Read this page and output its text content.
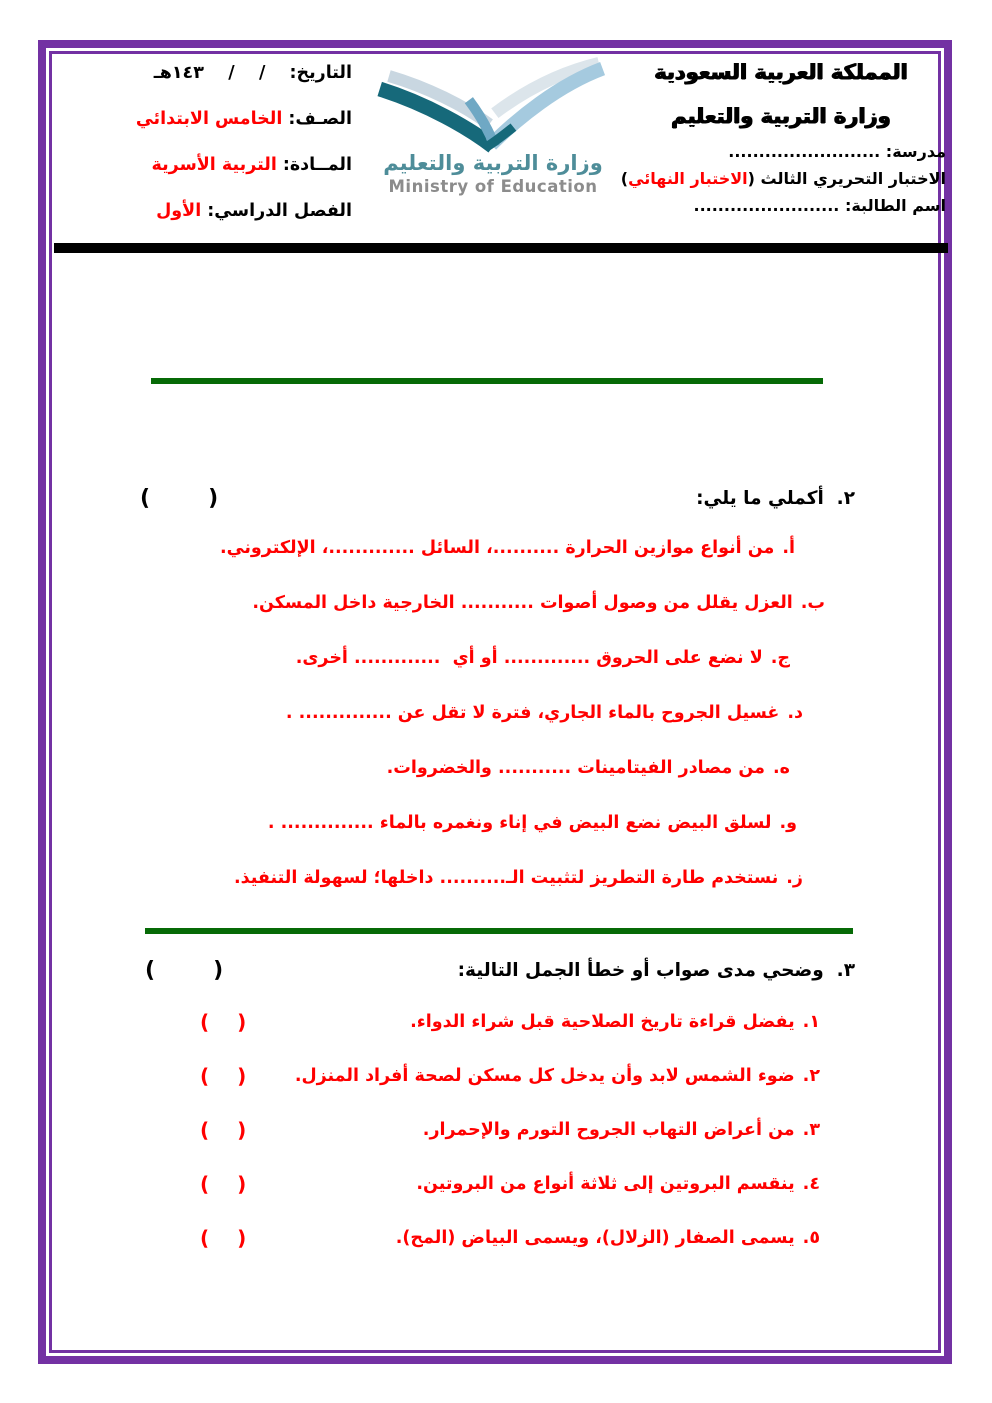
المملكة العربية السعودية
وزارة التربية والتعليم
مدرسة: .........................
الاختبار التحريري الثالث (الاختبار النهائي)
اسم الطالبة: ........................
وزارة التربية والتعليم
Ministry of Education
التاريخ:/    /    ١٤٣هـ
الصـف:الخامس الابتدائي
المــادة:التربية الأسرية
الفصل الدراسي:الأول
٢.  أكملي ما يلي:
(	)
أ.
من أنواع موازين الحرارة ..........، السائل .............، الإلكتروني.
ب.
العزل يقلل من وصول أصوات ........... الخارجية داخل المسكن.
ج.
لا نضع على الحروق ............. أو أي  ............. أخرى.
د.
غسيل الجروح بالماء الجاري، فترة لا تقل عن .............. .
ه.
من مصادر الفيتامينات ........... والخضروات.
و.
لسلق البيض نضع البيض في إناء ونغمره بالماء .............. .
ز.
نستخدم طارة التطريز لتثبيت الـ.......... داخلها؛ لسهولة التنفيذ.
٣.  وضحي مدى صواب أو خطأ الجمل التالية:
(	)
١.يفضل قراءة تاريخ الصلاحية قبل شراء الدواء.
( )
٢.ضوء الشمس لابد وأن يدخل كل مسكن لصحة أفراد المنزل.
( )
٣.من أعراض التهاب الجروح التورم والإحمرار.
( )
٤.ينقسم البروتين إلى ثلاثة أنواع من البروتين.
( )
٥.يسمى الصفار (الزلال)، ويسمى البياض (المح).
( )
